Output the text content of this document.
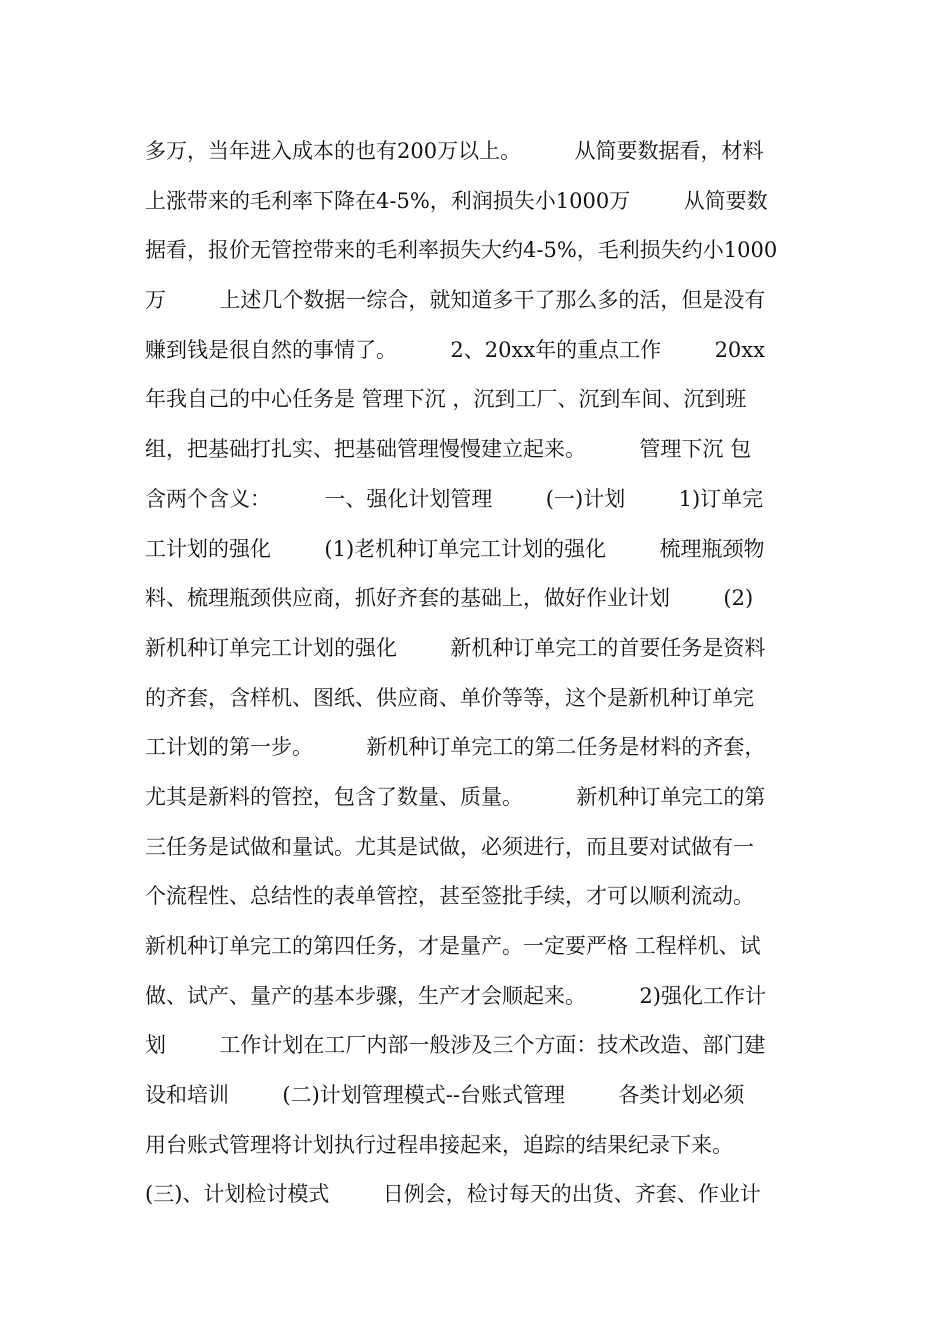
多万，当年进入成本的也有200万以上。        从简要数据看，材料
上涨带来的毛利率下降在4-5%，利润损失小1000万        从简要数
据看，报价无管控带来的毛利率损失大约4-5%，毛利损失约小1000
万        上述几个数据一综合，就知道多干了那么多的活，但是没有
赚到钱是很自然的事情了。        2、20xx年的重点工作        20xx
年我自己的中心任务是 管理下沉 ，沉到工厂、沉到车间、沉到班
组，把基础打扎实、把基础管理慢慢建立起来。        管理下沉 包
含两个含义：        一、强化计划管理        (一)计划        1)订单完
工计划的强化        (1)老机种订单完工计划的强化        梳理瓶颈物
料、梳理瓶颈供应商，抓好齐套的基础上，做好作业计划        (2)
新机种订单完工计划的强化        新机种订单完工的首要任务是资料
的齐套，含样机、图纸、供应商、单价等等，这个是新机种订单完
工计划的第一步。        新机种订单完工的第二任务是材料的齐套，
尤其是新料的管控，包含了数量、质量。        新机种订单完工的第
三任务是试做和量试。尤其是试做，必须进行，而且要对试做有一
个流程性、总结性的表单管控，甚至签批手续，才可以顺利流动。
新机种订单完工的第四任务，才是量产。一定要严格 工程样机、试
做、试产、量产的基本步骤，生产才会顺起来。        2)强化工作计
划        工作计划在工厂内部一般涉及三个方面：技术改造、部门建
设和培训        (二)计划管理模式--台账式管理        各类计划必须
用台账式管理将计划执行过程串接起来，追踪的结果纪录下来。
(三)、计划检讨模式        日例会，检讨每天的出货、齐套、作业计
